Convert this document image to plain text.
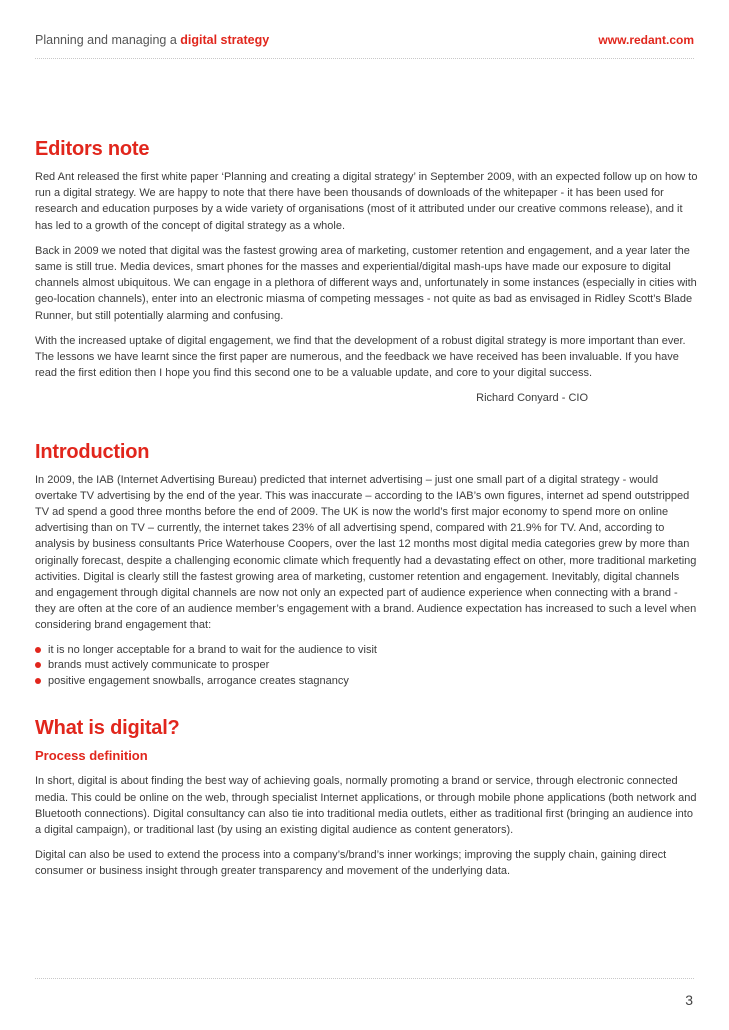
Planning and managing a digital strategy	www.redant.com
Editors note

Red Ant released the first white paper ‘Planning and creating a digital strategy’ in September 2009, with an expected follow up on how to run a digital strategy. We are happy to note that there have been thousands of downloads of the whitepaper - it has been used for research and education purposes by a wide variety of organisations (most of it attributed under our creative commons release), and it has led to a growth of the concept of digital strategy as a whole.

Back in 2009 we noted that digital was the fastest growing area of marketing, customer retention and engagement, and a year later the same is still true. Media devices, smart phones for the masses and experiential/digital mash-ups have made our exposure to digital channels almost ubiquitous. We can engage in a plethora of different ways and, unfortunately in some instances (especially in cities with geo-location channels), enter into an electronic miasma of competing messages - not quite as bad as envisaged in Ridley Scott’s Blade Runner, but still potentially alarming and confusing.

With the increased uptake of digital engagement, we find that the development of a robust digital strategy is more important than ever. The lessons we have learnt since the first paper are numerous, and the feedback we have received has been invaluable. If you have read the first edition then I hope you find this second one to be a valuable update, and core to your digital success.

Richard Conyard - CIO

Introduction

In 2009, the IAB (Internet Advertising Bureau) predicted that internet advertising – just one small part of a digital strategy - would overtake TV advertising by the end of the year. This was inaccurate – according to the IAB’s own figures, internet ad spend outstripped TV ad spend a good three months before the end of 2009. The UK is now the world’s first major economy to spend more on online advertising than on TV – currently, the internet takes 23% of all advertising spend, compared with 21.9% for TV. And, according to analysis by business consultants Price Waterhouse Coopers, over the last 12 months most digital media categories grew by more than originally forecast, despite a challenging economic climate which frequently had a devastating effect on other, more traditional marketing activities. Digital is clearly still the fastest growing area of marketing, customer retention and engagement. Inevitably, digital channels and engagement through digital channels are now not only an expected part of audience experience when connecting with a brand - they are often at the core of an audience member’s engagement with a brand. Audience expectation has increased to such a level when considering brand engagement that:

it is no longer acceptable for a brand to wait for the audience to visit
brands must actively communicate to prosper
positive engagement snowballs, arrogance creates stagnancy
What is digital?
Process definition

In short, digital is about finding the best way of achieving goals, normally promoting a brand or service, through electronic connected media. This could be online on the web, through specialist Internet applications, or through mobile phone applications (both network and Bluetooth connections). Digital consultancy can also tie into traditional media outlets, either as traditional first (bringing an audience into a digital campaign), or traditional last (by using an existing digital audience as content generators).

Digital can also be used to extend the process into a company’s/brand’s inner workings; improving the supply chain, gaining direct consumer or business insight through greater transparency and movement of the underlying data.

3
